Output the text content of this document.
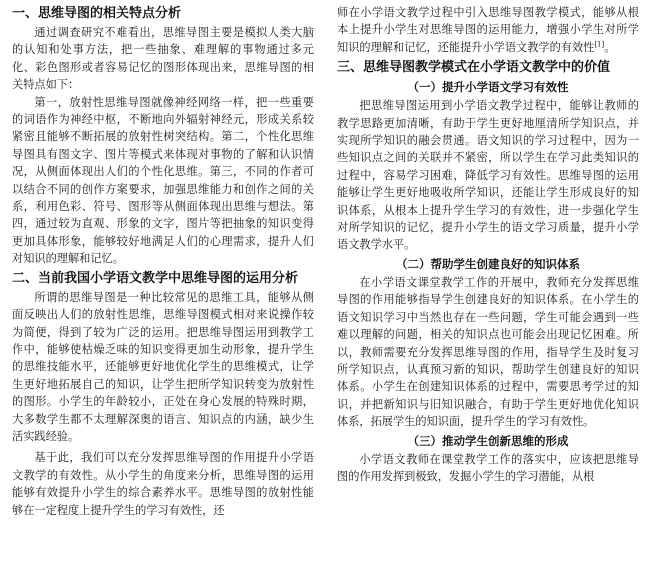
一、思维导图的相关特点分析

通过调查研究不难看出，思维导图主要是模拟人类大脑的认知和处事方法，把一些抽象、难理解的事物通过多元化、彩色图形或者容易记忆的图形体现出来，思维导图的相关特点如下：

第一，放射性思维导图就像神经网络一样，把一些重要的词语作为神经中枢，不断地向外辐射神经元，形成关系较紧密且能够不断拓展的放射性树突结构。第二，个性化思维导图具有图文字、图片等模式来体现对事物的了解和认识情况，从侧面体现出人们的个性化思维。第三，不同的作者可以结合不同的创作方案要求，加强思维能力和创作之间的关系，利用色彩、符号、图形等从侧面体现出思维与想法。第四，通过较为直观、形象的文字，图片等把抽象的知识变得更加具体形象，能够较好地满足人们的心理需求，提升人们对知识的理解和记忆。

二、当前我国小学语文教学中思维导图的运用分析

所谓的思维导图是一种比较常见的思维工具，能够从侧面反映出人们的放射性思维，思维导图模式相对来说操作较为简便，得到了较为广泛的运用。把思维导图运用到教学工作中，能够使枯燥乏味的知识变得更加生动形象，提升学生的思维技能水平，还能够更好地优化学生的思维模式，让学生更好地拓展自己的知识，让学生把所学知识转变为放射性的图形。小学生的年龄较小，正处在身心发展的特殊时期，大多数学生都不太理解深奥的语言、知识点的内涵，缺少生活实践经验。

基于此，我们可以充分发挥思维导图的作用提升小学语文教学的有效性。从小学生的角度来分析，思维导图的运用能够有效提升小学生的综合素养水平。思维导图的放射性能够在一定程度上提升学生的学习有效性，还

师在小学语文教学过程中引入思维导图教学模式，能够从根本上提升小学生对思维导图的运用能力，增强小学生对所学知识的理解和记忆，还能提升小学语文教学的有效性[1]。

三、思维导图教学模式在小学语文教学中的价值
（一）提升小学语文学习有效性

把思维导图运用到小学语文教学过程中，能够让教师的教学思路更加清晰，有助于学生更好地厘清所学知识点，并实现所学知识的融会贯通。语文知识的学习过程中，因为一些知识点之间的关联并不紧密，所以学生在学习此类知识的过程中，容易学习困难，降低学习有效性。思维导图的运用能够让学生更好地吸收所学知识，还能让学生形成良好的知识体系，从根本上提升学生学习的有效性，进一步强化学生对所学知识的记忆，提升小学生的语文学习质量，提升小学语文教学水平。

（二）帮助学生创建良好的知识体系

在小学语文课堂教学工作的开展中，教师充分发挥思维导图的作用能够指导学生创建良好的知识体系。在小学生的语文知识学习中当然也存在一些问题，学生可能会遇到一些难以理解的问题，相关的知识点也可能会出现记忆困难。所以，教师需要充分发挥思维导图的作用，指导学生及时复习所学知识点，认真预习新的知识，帮助学生创建良好的知识体系。小学生在创建知识体系的过程中，需要思考学过的知识，并把新知识与旧知识融合，有助于学生更好地优化知识体系，拓展学生的知识面，提升学生的学习有效性。

（三）推动学生创新思维的形成

小学语文教师在课堂教学工作的落实中，应该把思维导图的作用发挥到极致，发掘小学生的学习潜能，从根
